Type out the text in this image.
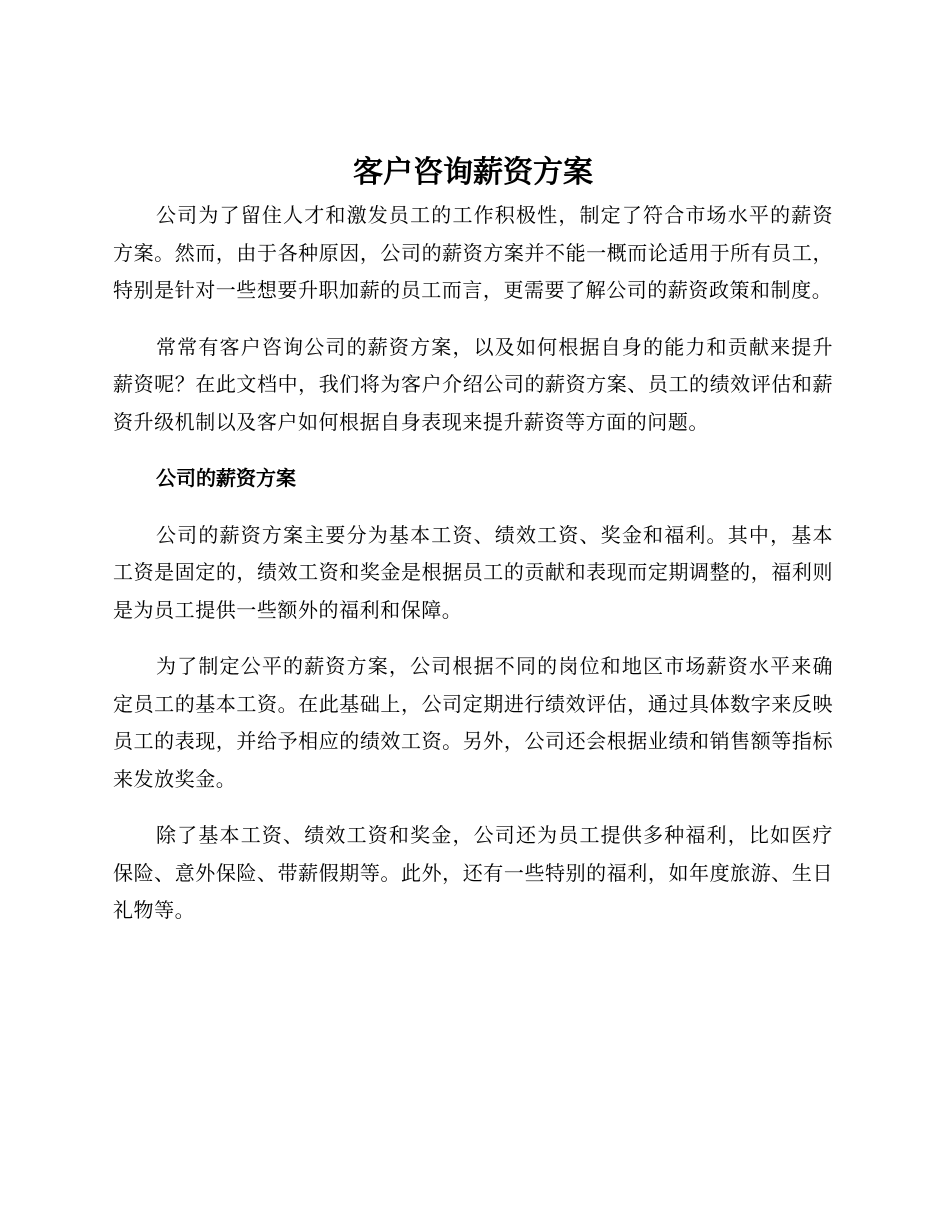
客户咨询薪资方案

公司为了留住人才和激发员工的工作积极性，制定了符合市场水平的薪资方案。然而，由于各种原因，公司的薪资方案并不能一概而论适用于所有员工，特别是针对一些想要升职加薪的员工而言，更需要了解公司的薪资政策和制度。

常常有客户咨询公司的薪资方案，以及如何根据自身的能力和贡献来提升薪资呢？在此文档中，我们将为客户介绍公司的薪资方案、员工的绩效评估和薪资升级机制以及客户如何根据自身表现来提升薪资等方面的问题。

公司的薪资方案

公司的薪资方案主要分为基本工资、绩效工资、奖金和福利。其中，基本工资是固定的，绩效工资和奖金是根据员工的贡献和表现而定期调整的，福利则是为员工提供一些额外的福利和保障。

为了制定公平的薪资方案，公司根据不同的岗位和地区市场薪资水平来确定员工的基本工资。在此基础上，公司定期进行绩效评估，通过具体数字来反映员工的表现，并给予相应的绩效工资。另外，公司还会根据业绩和销售额等指标来发放奖金。

除了基本工资、绩效工资和奖金，公司还为员工提供多种福利，比如医疗保险、意外保险、带薪假期等。此外，还有一些特别的福利，如年度旅游、生日礼物等。
